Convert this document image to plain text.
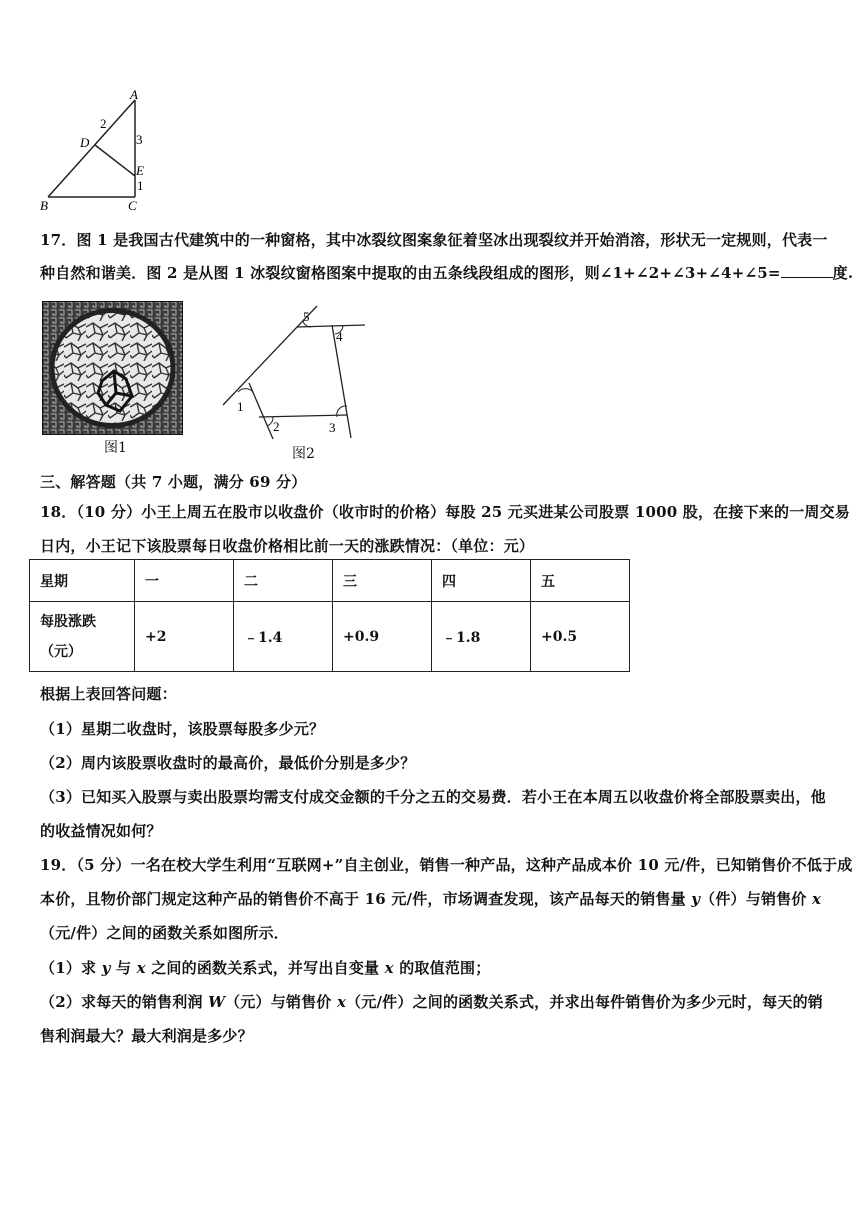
A
D
E
B	C
2
3
1
17．图 1 是我国古代建筑中的一种窗格，其中冰裂纹图案象征着坚冰出现裂纹并开始消溶，形状无一定规则，代表一
种自然和谐美．图 2 是从图 1 冰裂纹窗格图案中提取的由五条线段组成的图形，则∠1+∠2+∠3+∠4+∠5=	度.
图1
1
2	3
4
5
图2
三、解答题（共 7 小题，满分 69 分）
18．（10 分）小王上周五在股市以收盘价（收市时的价格）每股 25 元买进某公司股票 1000 股，在接下来的一周交易
日内，小王记下该股票每日收盘价格相比前一天的涨跌情况：（单位：元）
星期	一	二	三	四	五

每股涨跌
（元）	+2	﹣1.4	+0.9	﹣1.8	+0.5
根据上表回答问题：
（1）星期二收盘时，该股票每股多少元？
（2）周内该股票收盘时的最高价，最低价分别是多少？
（3）已知买入股票与卖出股票均需支付成交金额的千分之五的交易费．若小王在本周五以收盘价将全部股票卖出，他
的收益情况如何？
19．（5 分）一名在校大学生利用“互联网+”自主创业，销售一种产品，这种产品成本价 10 元/件，已知销售价不低于成
本价，且物价部门规定这种产品的销售价不高于 16 元/件，市场调查发现，该产品每天的销售量 y（件）与销售价 x
（元/件）之间的函数关系如图所示．
（1）求 y 与 x 之间的函数关系式，并写出自变量 x 的取值范围；
（2）求每天的销售利润 W（元）与销售价 x（元/件）之间的函数关系式，并求出每件销售价为多少元时，每天的销
售利润最大？最大利润是多少？
